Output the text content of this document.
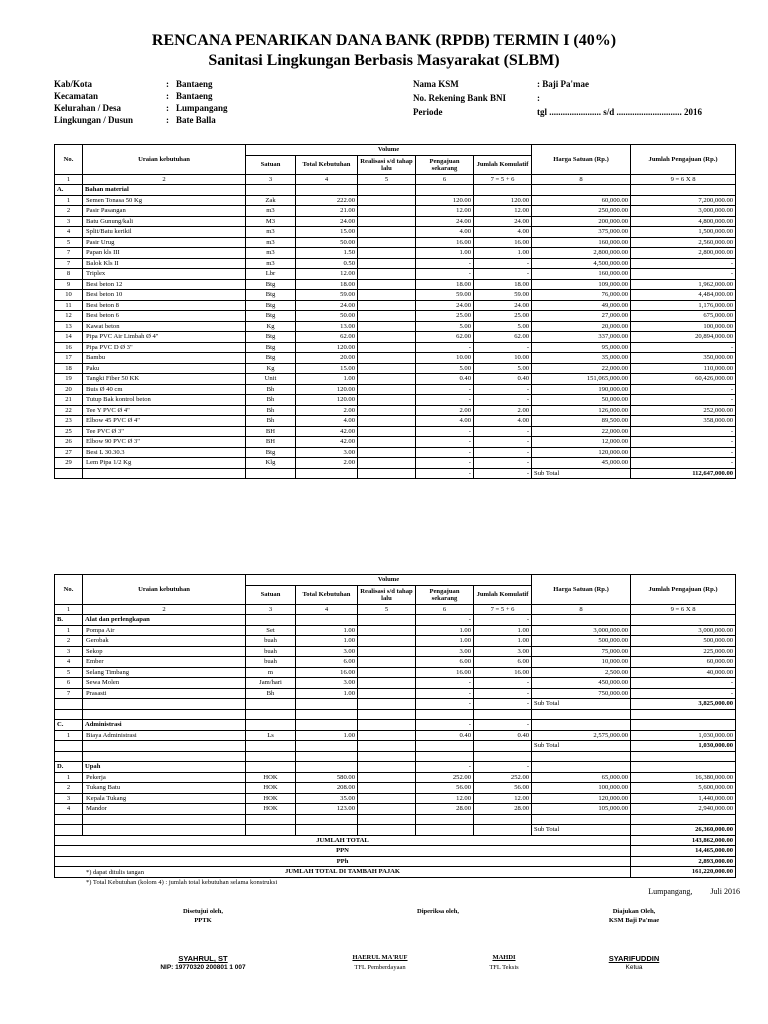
RENCANA PENARIKAN DANA BANK (RPDB) TERMIN I (40%)
Sanitasi Lingkungan Berbasis Masyarakat (SLBM)
Kab/Kota	: Bantaeng
Kecamatan	: Bantaeng
Kelurahan / Desa	: Lumpangang
Lingkungan / Dusun	: Bate Balla
Nama KSM	: Baji Pa'mae
No. Rekening Bank BNI	:
Periode	tgl ....................... s/d ............................. 2016
No.	Uraian kebutuhan	Volume					Harga Satuan (Rp.)	Jumlah Pengajuan (Rp.)
		Satuan	Total Kebutuhan	Realisasi s/d tahap lalu	Pengajuan sekarang	Jumlah Komulatif		
1	2	3	4	5	6	7 = 5 + 6	8	9 = 6 X 8
A.	Bahan material							
1	Semen Tonasa 50 Kg	Zak	222.00		120.00	120.00	60,000.00	7,200,000.00
2	Pasir Pasangan	m3	21.00		12.00	12.00	250,000.00	3,000,000.00
3	Batu Gunung/kali	M3	24.00		24.00	24.00	200,000.00	4,800,000.00
4	Split/Batu kerikil	m3	15.00		4.00	4.00	375,000.00	1,500,000.00
5	Pasir Urug	m3	50.00		16.00	16.00	160,000.00	2,560,000.00
7	Papan kls III	m3	1.50		1.00	1.00	2,800,000.00	2,800,000.00
7	Balok Kls II	m3	0.50		-	-	4,500,000.00	-
8	Triplex	Lbr	12.00		-	-	160,000.00	-
9	Besi beton 12	Btg	18.00		18.00	18.00	109,000.00	1,962,000.00
10	Besi beton 10	Btg	59.00		59.00	59.00	76,000.00	4,484,000.00
11	Besi beton 8	Btg	24.00		24.00	24.00	49,000.00	1,176,000.00
12	Besi beton 6	Btg	50.00		25.00	25.00	27,000.00	675,000.00
13	Kawat beton	Kg	13.00		5.00	5.00	20,000.00	100,000.00
14	Pipa PVC Air Limbah Ø 4"	Btg	62.00		62.00	62.00	337,000.00	20,894,000.00
16	Pipa PVC D Ø 3"	Btg	120.00		-	-	95,000.00	-
17	Bambu	Btg	20.00		10.00	10.00	35,000.00	350,000.00
18	Paku	Kg	15.00		5.00	5.00	22,000.00	110,000.00
19	Tangki Fiber 50 KK	Unit	1.00		0.40	0.40	151,065,000.00	60,426,000.00
20	Buis Ø 40 cm	Bh	120.00		-	-	190,000.00	-
21	Tutup Bak kontrol beton	Bh	120.00		-	-	50,000.00	-
22	Tee Y PVC Ø 4"	Bh	2.00		2.00	2.00	126,000.00	252,000.00
23	Elbow 45 PVC Ø 4"	Bh	4.00		4.00	4.00	89,500.00	358,000.00
25	Tee PVC Ø 3"	BH	42.00		-	-	22,000.00	-
26	Elbow 90 PVC Ø 3"	BH	42.00		-	-	12,000.00	-
27	Besi L 30.30.3	Btg	3.00		-	-	120,000.00	-
29	Lem Pipa 1/2 Kg	Klg	2.00		-	-	45,000.00	-
					-	-	Sub Total	112,647,000.00
No.	Uraian kebutuhan	Volume					Harga Satuan (Rp.)	Jumlah Pengajuan (Rp.)
		Satuan	Total Kebutuhan	Realisasi s/d tahap lalu	Pengajuan sekarang	Jumlah Komulatif		
1	2	3	4	5	6	7 = 5 + 6	8	9 = 6 X 8
B.	Alat dan perlengkapan				-	-		
1	Pompa Air	Set	1.00		1.00	1.00	3,000,000.00	3,000,000.00
2	Gerobak	buah	1.00		1.00	1.00	500,000.00	500,000.00
3	Sekop	buah	3.00		3.00	3.00	75,000.00	225,000.00
4	Ember	buah	6.00		6.00	6.00	10,000.00	60,000.00
5	Selang Timbang	m	16.00		16.00	16.00	2,500.00	40,000.00
6	Sewa Molen	Jam/hari	3.00		-	-	450,000.00	-
7	Prasasti	Bh	1.00		-	-	750,000.00	-
					-	-	Sub Total	3,825,000.00

C.	Administrasi				-	-		
1	Biaya Administrasi	Ls	1.00		0.40	0.40	2,575,000.00	1,030,000.00
							Sub Total	1,030,000.00

D.	Upah				-	-		
1	Pekerja	HOK	580.00		252.00	252.00	65,000.00	16,380,000.00
2	Tukang Batu	HOK	208.00		56.00	56.00	100,000.00	5,600,000.00
3	Kepala Tukang	HOK	35.00		12.00	12.00	120,000.00	1,440,000.00
4	Mandor	HOK	123.00		28.00	28.00	105,000.00	2,940,000.00

							Sub Total	26,360,000.00
JUMLAH TOTAL								143,862,000.00
PPN								14,465,000.00
PPh								2,893,000.00
JUMLAH TOTAL DI TAMBAH PAJAK								161,220,000.00
*) dapat ditulis tangan
*) Total Kebutuhan (kolom 4) : jumlah total kebutuhan selama konstruksi
Lumpangang,         Juli 2016
Disetujui oleh,
PPTK
SYAHRUL, ST
NIP: 19770320 200801 1 007
Diperiksa oleh,
HAERUL MA'RUF
TFL Pemberdayaan
MAHDI
TFL Teksis
Diajukan Oleh,
KSM Baji Pa'mae
SYARIFUDDIN
Ketua
